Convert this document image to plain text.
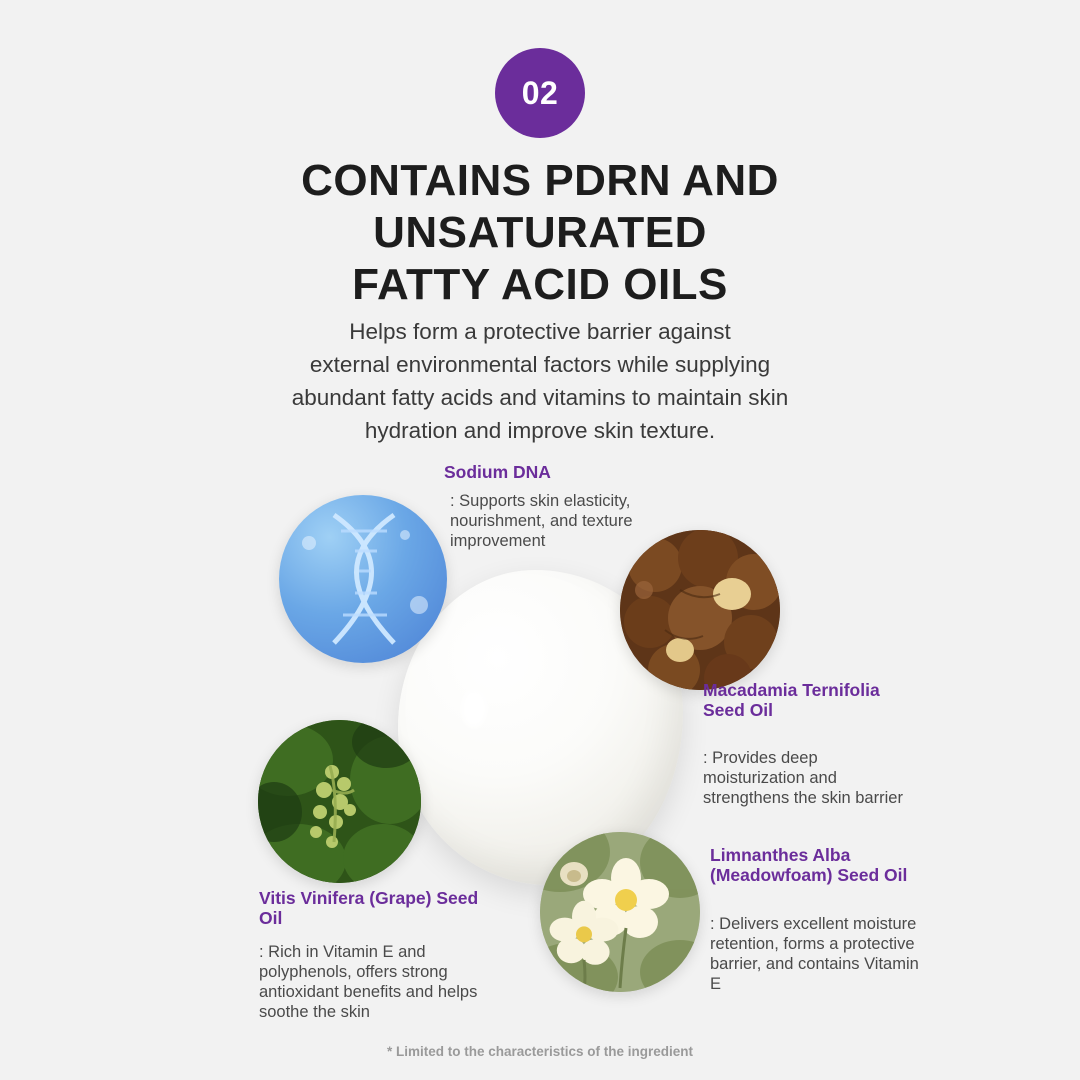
02
CONTAINS PDRN AND
UNSATURATED
FATTY ACID OILS
Helps form a protective barrier against
external environmental factors while supplying
abundant fatty acids and vitamins to maintain skin
hydration and improve skin texture.
Sodium DNA
: Supports skin elasticity, nourishment, and texture improvement
Macadamia Ternifolia Seed Oil
: Provides deep moisturization and strengthens the skin barrier
Vitis Vinifera (Grape) Seed Oil
: Rich in Vitamin E and polyphenols, offers strong antioxidant benefits and helps soothe the skin
Limnanthes Alba (Meadowfoam) Seed Oil
: Delivers excellent moisture retention, forms a protective barrier, and contains Vitamin E
* Limited to the characteristics of the ingredient
